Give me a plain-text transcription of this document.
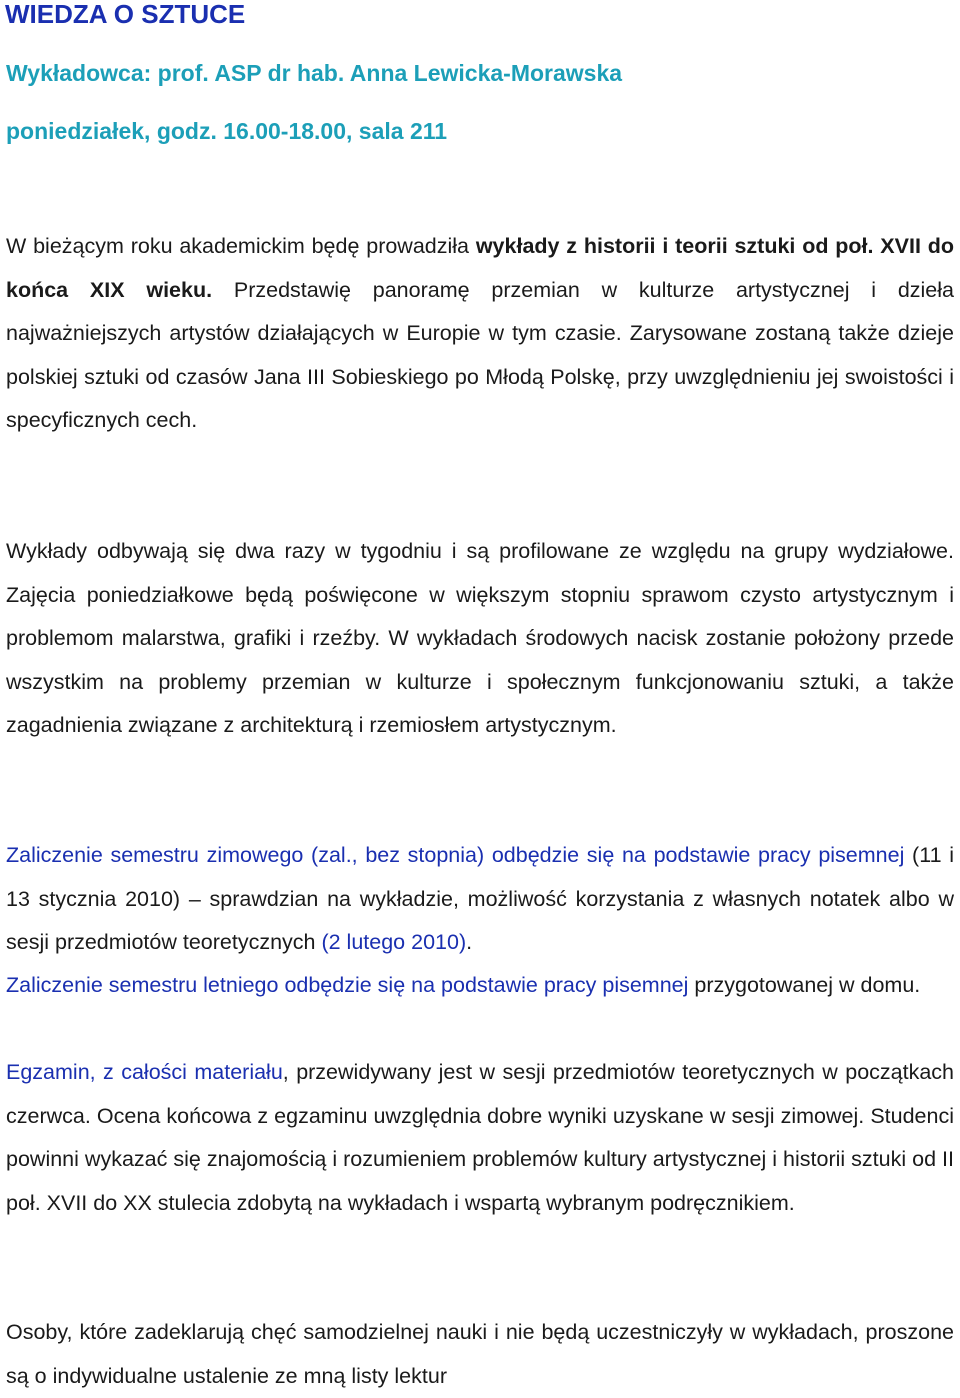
WIEDZA O SZTUCE

Wykładowca: prof. ASP dr hab. Anna Lewicka-Morawska

poniedziałek, godz. 16.00-18.00, sala 211

W bieżącym roku akademickim będę prowadziła wykłady z historii i teorii sztuki od poł. XVII do końca XIX wieku. Przedstawię panoramę przemian w kulturze artystycznej i dzieła najważniejszych artystów działających w Europie w tym czasie. Zarysowane zostaną także dzieje polskiej sztuki od czasów Jana III Sobieskiego po Młodą Polskę, przy uwzględnieniu jej swoistości i specyficznych cech.

Wykłady odbywają się dwa razy w tygodniu i są profilowane ze względu na grupy wydziałowe. Zajęcia poniedziałkowe będą poświęcone w większym stopniu sprawom czysto artystycznym i problemom malarstwa, grafiki i rzeźby. W wykładach środowych nacisk zostanie położony przede wszystkim na problemy przemian w kulturze i społecznym funkcjonowaniu sztuki, a także zagadnienia związane z architekturą i rzemiosłem artystycznym.

Zaliczenie semestru zimowego (zal., bez stopnia) odbędzie się na podstawie pracy pisemnej (11 i 13 stycznia 2010) – sprawdzian na wykładzie, możliwość korzystania z własnych notatek albo w sesji przedmiotów teoretycznych (2 lutego 2010).

Zaliczenie semestru letniego odbędzie się na podstawie pracy pisemnej przygotowanej w domu.

Egzamin, z całości materiału, przewidywany jest w sesji przedmiotów teoretycznych w początkach czerwca. Ocena końcowa z egzaminu uwzględnia dobre wyniki uzyskane w sesji zimowej. Studenci powinni wykazać się znajomością i rozumieniem problemów kultury artystycznej i historii sztuki od II poł. XVII do XX stulecia zdobytą na wykładach i wspartą wybranym podręcznikiem.

Osoby, które zadeklarują chęć samodzielnej nauki i nie będą uczestniczyły w wykładach, proszone są o indywidualne ustalenie ze mną listy lektur
